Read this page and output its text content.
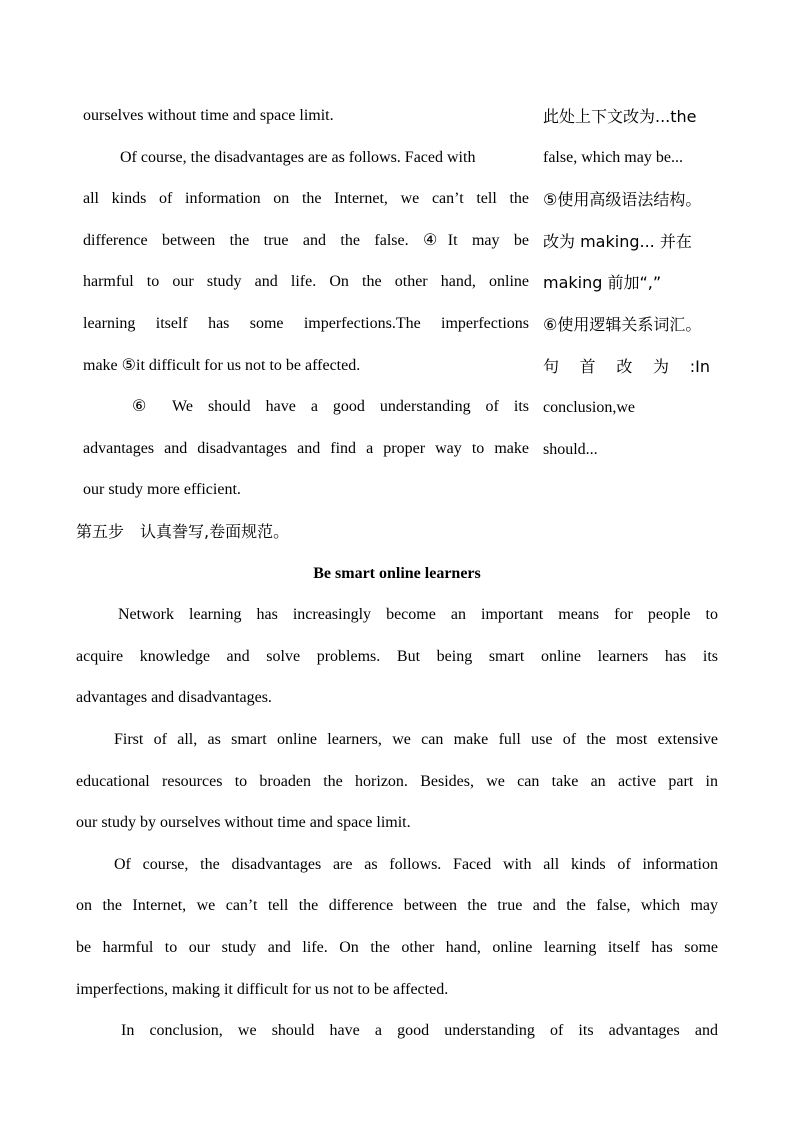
ourselves without time and space limit.
Of course, the disadvantages are as follows. Faced with
all kinds of information on the Internet, we can’t tell the
difference between the true and the false. ④It may be
harmful to our study and life. On the other hand, online
learning itself has some imperfections.The imperfections
make ⑤it difficult for us not to be affected.
⑥ We should have a good understanding of its
advantages and disadvantages and find a proper way to make
our study more efficient.
此处上下文改为...the
false, which may be...
⑤使用高级语法结构。
改为 making... 并在
making 前加“,”
⑥使用逻辑关系词汇。
句 首 改 为 :In
conclusion,we
should...
第五步　认真誊写,卷面规范。
Be smart online learners
Network learning has increasingly become an important means for people to
acquire knowledge and solve problems. But being smart online learners has its
advantages and disadvantages.
First of all, as smart online learners, we can make full use of the most extensive
educational resources to broaden the horizon. Besides, we can take an active part in
our study by ourselves without time and space limit.
Of course, the disadvantages are as follows. Faced with all kinds of information
on the Internet, we can’t tell the difference between the true and the false, which may
be harmful to our study and life. On the other hand, online learning itself has some
imperfections, making it difficult for us not to be affected.
In conclusion, we should have a good understanding of its advantages and
